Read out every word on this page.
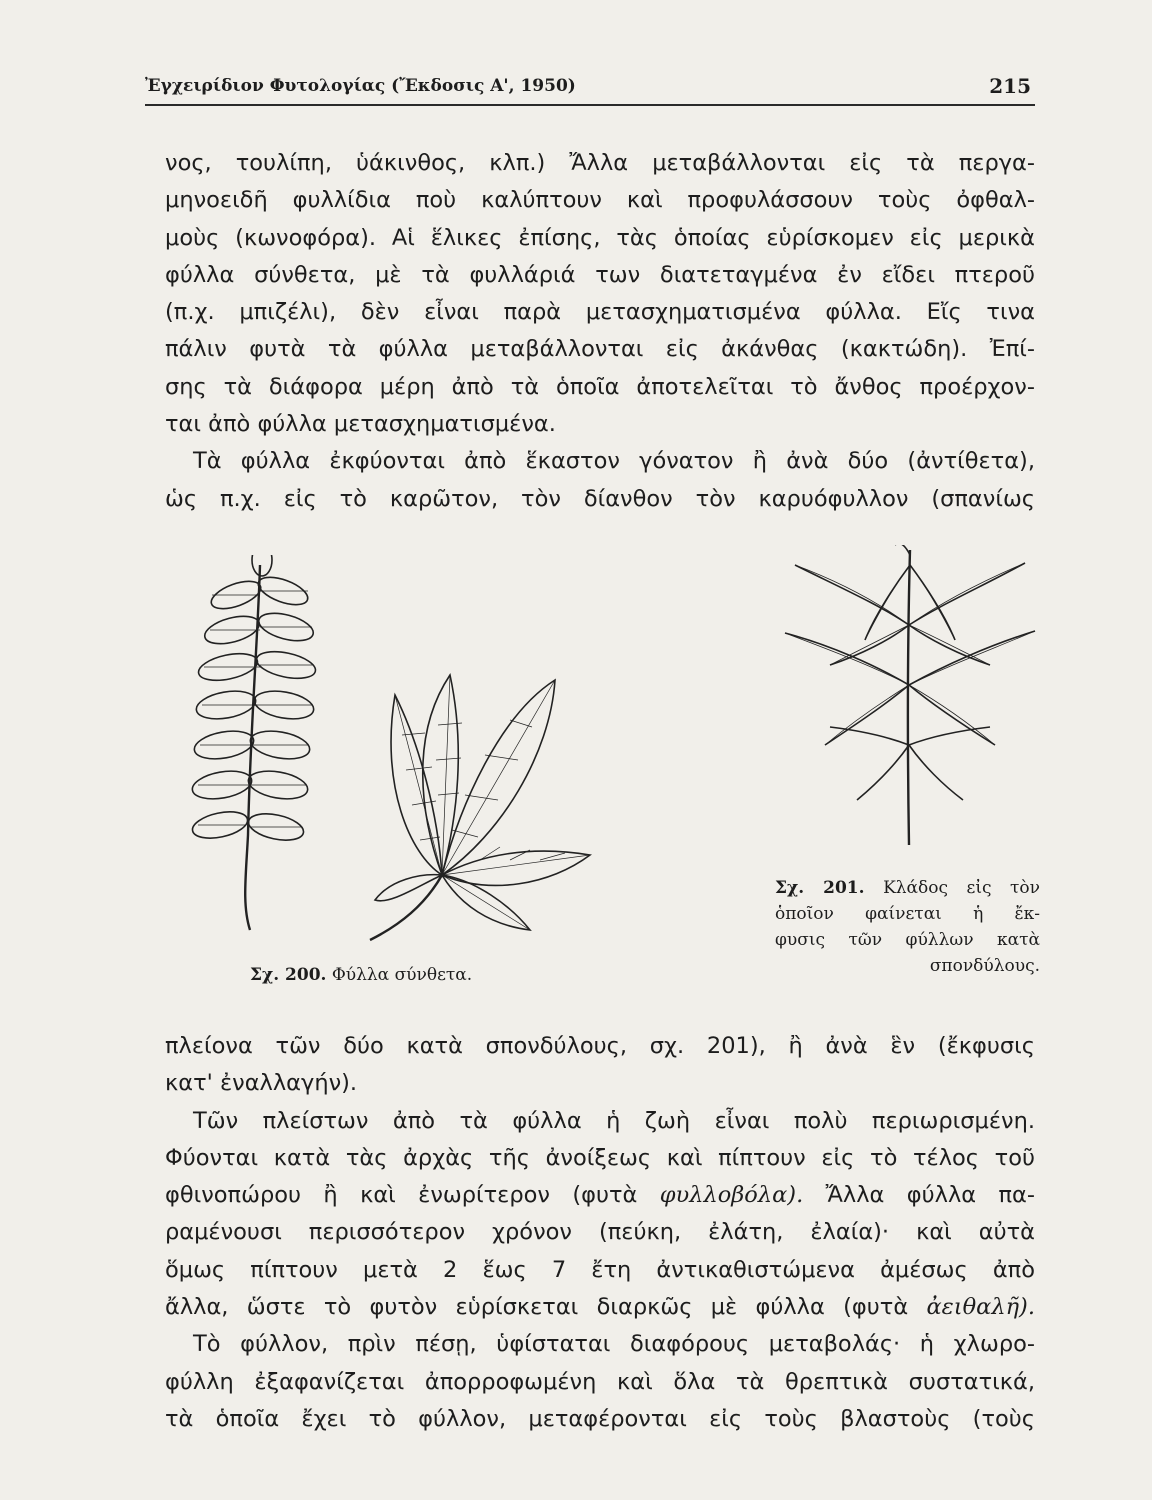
Ἐγχειρίδιον Φυτολογίας (Ἔκδοσις Α', 1950)	215
νος, τουλίπη, ὑάκινθος, κλπ.) Ἄλλα μεταβάλλονται εἰς τὰ περγα-
μηνοειδῆ φυλλίδια ποὺ καλύπτουν καὶ προφυλάσσουν τοὺς ὀφθαλ-
μοὺς (κωνοφόρα). Αἱ ἕλικες ἐπίσης, τὰς ὁποίας εὑρίσκομεν εἰς μερικὰ
φύλλα σύνθετα, μὲ τὰ φυλλάριά των διατεταγμένα ἐν εἴδει πτεροῦ
(π.χ. μπιζέλι), δὲν εἶναι παρὰ μετασχηματισμένα φύλλα. Εἴς τινα
πάλιν φυτὰ τὰ φύλλα μεταβάλλονται εἰς ἀκάνθας (κακτώδη). Ἐπί-
σης τὰ διάφορα μέρη ἀπὸ τὰ ὁποῖα ἀποτελεῖται τὸ ἄνθος προέρχον-
ται ἀπὸ φύλλα μετασχηματισμένα.
Τὰ φύλλα ἐκφύονται ἀπὸ ἕκαστον γόνατον ἢ ἀνὰ δύο (ἀντίθετα),
ὡς π.χ. εἰς τὸ καρῶτον, τὸν δίανθον τὸν καρυόφυλλον (σπανίως
Σχ. 200. Φύλλα σύνθετα.
Σχ. 201. Κλάδος εἰς τὸν
ὁποῖον φαίνεται ἡ ἔκ-
φυσις τῶν φύλλων κατὰ
σπονδύλους.
πλείονα τῶν δύο κατὰ σπονδύλους, σχ. 201), ἢ ἀνὰ ἓν (ἔκφυσις
κατ' ἐναλλαγήν).
Τῶν πλείστων ἀπὸ τὰ φύλλα ἡ ζωὴ εἶναι πολὺ περιωρισμένη.
Φύονται κατὰ τὰς ἀρχὰς τῆς ἀνοίξεως καὶ πίπτουν εἰς τὸ τέλος τοῦ
φθινοπώρου ἢ καὶ ἐνωρίτερον (φυτὰ φυλλοβόλα). Ἄλλα φύλλα πα-
ραμένουσι περισσότερον χρόνον (πεύκη, ἐλάτη, ἐλαία)· καὶ αὐτὰ
ὅμως πίπτουν μετὰ 2 ἕως 7 ἔτη ἀντικαθιστώμενα ἀμέσως ἀπὸ
ἄλλα, ὥστε τὸ φυτὸν εὑρίσκεται διαρκῶς μὲ φύλλα (φυτὰ ἀειθαλῆ).
Τὸ φύλλον, πρὶν πέσῃ, ὑφίσταται διαφόρους μεταβολάς· ἡ χλωρο-
φύλλη ἐξαφανίζεται ἀπορροφωμένη καὶ ὅλα τὰ θρεπτικὰ συστατικά,
τὰ ὁποῖα ἔχει τὸ φύλλον, μεταφέρονται εἰς τοὺς βλαστοὺς (τοὺς
